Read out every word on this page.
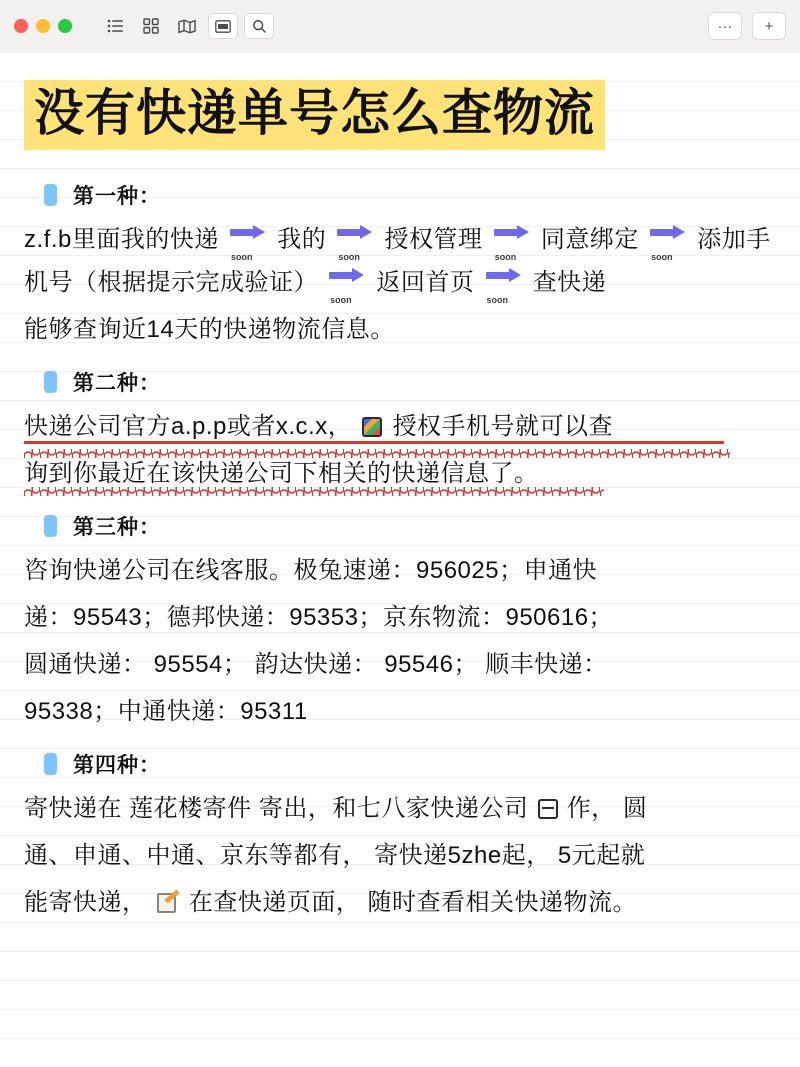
···	+
没有快递单号怎么查物流
第一种：

z.f.b里面我的快递
soon
我的
soon
授权管理
soon
同意绑定
soon
添加手机号（根据提示完成验证）
soon
返回首页
soon
查快递

能够查询近14天的快递物流信息。

第二种：

快递公司官方a.p.p或者x.c.x， 授权手机号就可以查

询到你最近在该快递公司下相关的快递信息了。

第三种：

咨询快递公司在线客服。极兔速递：956025；申通快

递：95543；德邦快递：95353；京东物流：950616；

圆通快递： 95554； 韵达快递： 95546； 顺丰快递：

95338；中通快递：95311

第四种：

寄快递在 莲花楼寄件 寄出，和七八家快递公司 作， 圆

通、申通、中通、京东等都有， 寄快递5zhe起， 5元起就

能寄快递， 在查快递页面， 随时查看相关快递物流。
